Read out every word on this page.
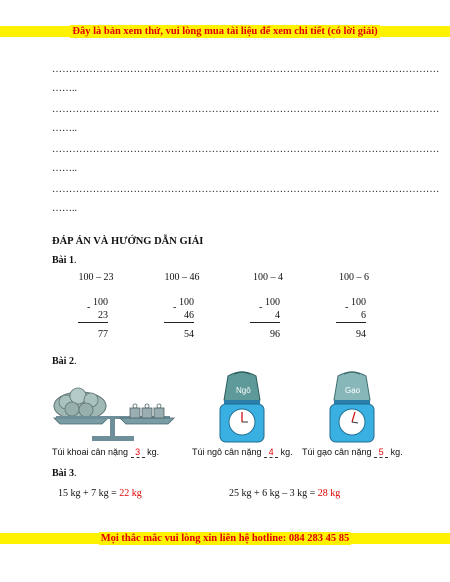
Đây là bản xem thử, vui lòng mua tài liệu để xem chi tiết (có lời giải)
……………………………………………………………………………………………………
……..
……………………………………………………………………………………………………
……..
……………………………………………………………………………………………………
……..
……………………………………………………………………………………………………
……..
ĐÁP ÁN VÀ HƯỚNG DẪN GIẢI
Bài 1.
100 – 23	100 – 46	100 – 4	100 – 6
- 100
23
77
- 100
46
54
- 100
4
96
- 100
6
94
Bài 2.
Ngô	Gạo
Túi khoai cân nặng 3 kg.	Túi ngô cân nặng 4 kg. Túi gạo cân nặng 5 kg.
Bài 3.
15 kg + 7 kg = 22 kg	25 kg + 6 kg – 3 kg = 28 kg
Mọi thắc mắc vui lòng xin liên hệ hotline: 084 283 45 85
